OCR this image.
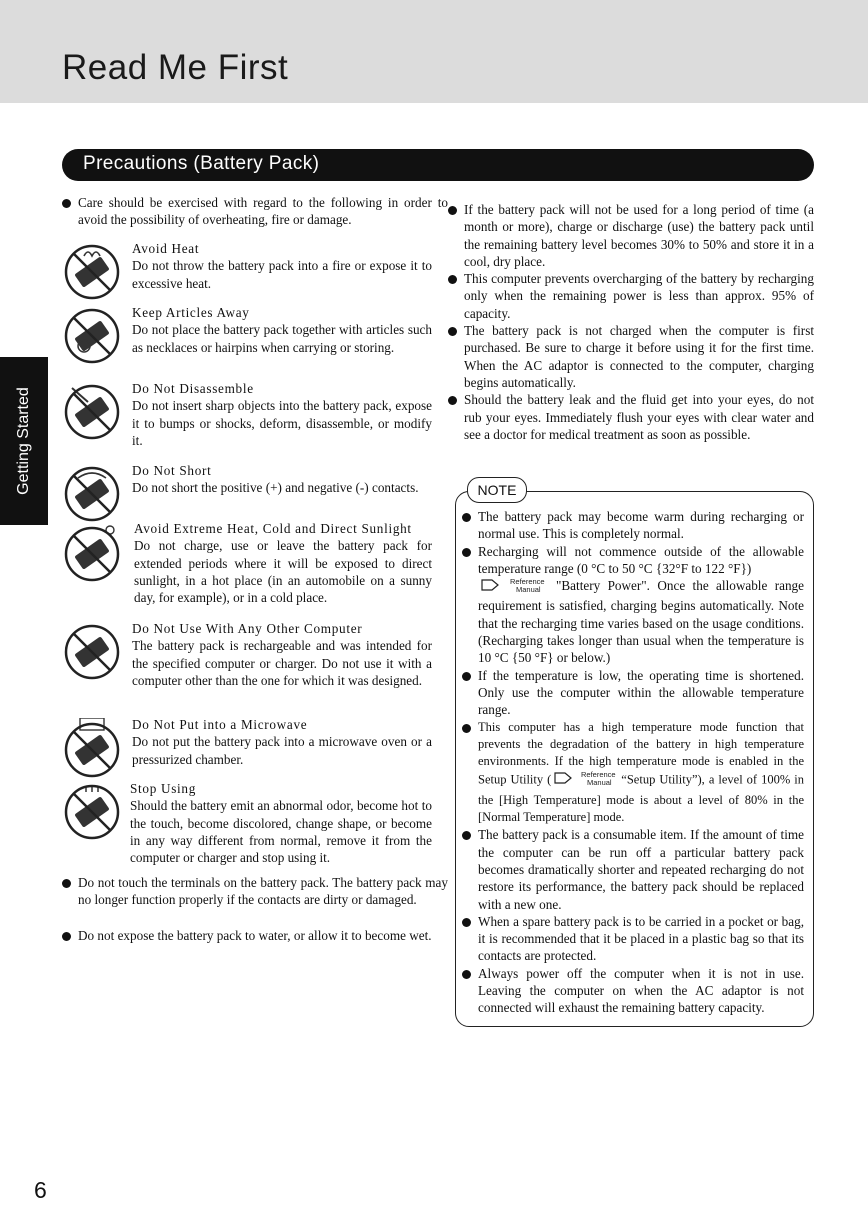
Read Me First
Precautions (Battery Pack)
Getting Started
Care should be exercised with regard to the following in order to avoid the possibility of overheating, fire or damage.
Avoid Heat
Do not throw the battery pack into a fire or expose it to excessive heat.
Keep Articles Away
Do not place the battery pack together with articles such as necklaces or hairpins when carrying or storing.
Do Not Disassemble
Do not insert sharp objects into the battery pack, expose it to bumps or shocks, deform, disassemble, or modify it.
Do Not Short
Do not short the positive (+) and negative (-) contacts.
Avoid Extreme Heat, Cold and Direct Sunlight
Do not charge, use or leave the battery pack for extended periods where it will be exposed to direct sunlight, in a hot place (in an automobile on a sunny day, for example), or in a cold place.
Do Not Use With Any Other Computer
The battery pack is rechargeable and was intended for the specified computer or charger. Do not use it with a computer other than the one for which it was designed.
Do Not Put into a Microwave
Do not put the battery pack into a microwave oven or a pressurized chamber.
Stop Using
Should the battery emit an abnormal odor, become hot to the touch, become discolored, change shape, or become in any way different from normal, remove it from the computer or charger and stop using it.
Do not touch the terminals on the battery pack. The battery pack may no longer function properly if the contacts are dirty or damaged.
Do not expose the battery pack to water, or allow it to become wet.
If the battery pack will not be used for a long period of time (a month or more), charge or discharge (use) the battery pack until the remaining battery level becomes 30% to 50% and store it in a cool, dry place.
This computer prevents overcharging of the battery by recharging only when the remaining power is less than approx. 95% of capacity.
The battery pack is not charged when the computer is first purchased. Be sure to charge it before using it for the first time. When the AC adaptor is connected to the computer, charging begins automatically.
Should the battery leak and the fluid get into your eyes, do not rub your eyes. Immediately flush your eyes with clear water and see a doctor for medical treatment as soon as possible.
NOTE
The battery pack may become warm during recharging or normal use. This is completely normal.
Recharging will not commence outside of the allowable temperature range (0 °C to 50 °C {32°F to 122 °F})

Reference
Manual "Battery Power". Once the allowable range requirement is satisfied, charging begins automatically. Note that the recharging time varies based on the usage conditions. (Recharging takes longer than usual when the temperature is 10 °C {50 °F} or below.)
If the temperature is low, the operating time is shortened. Only use the computer within the allowable temperature range.
This computer has a high temperature mode function that prevents the degradation of the battery in high temperature environments. If the high temperature mode is enabled in the Setup Utility (	Reference
Manual “Setup Utility”), a level of 100% in the [High Temperature] mode is about a level of 80% in the [Normal Temperature] mode.
The battery pack is a consumable item. If the amount of time the computer can be run off a particular battery pack becomes dramatically shorter and repeated recharging do not restore its performance, the battery pack should be replaced with a new one.
When a spare battery pack is to be carried in a pocket or bag, it is recommended that it be placed in a plastic bag so that its contacts are protected.
Always power off the computer when it is not in use. Leaving the computer on when the AC adaptor is not connected will exhaust the remaining battery capacity.
6
